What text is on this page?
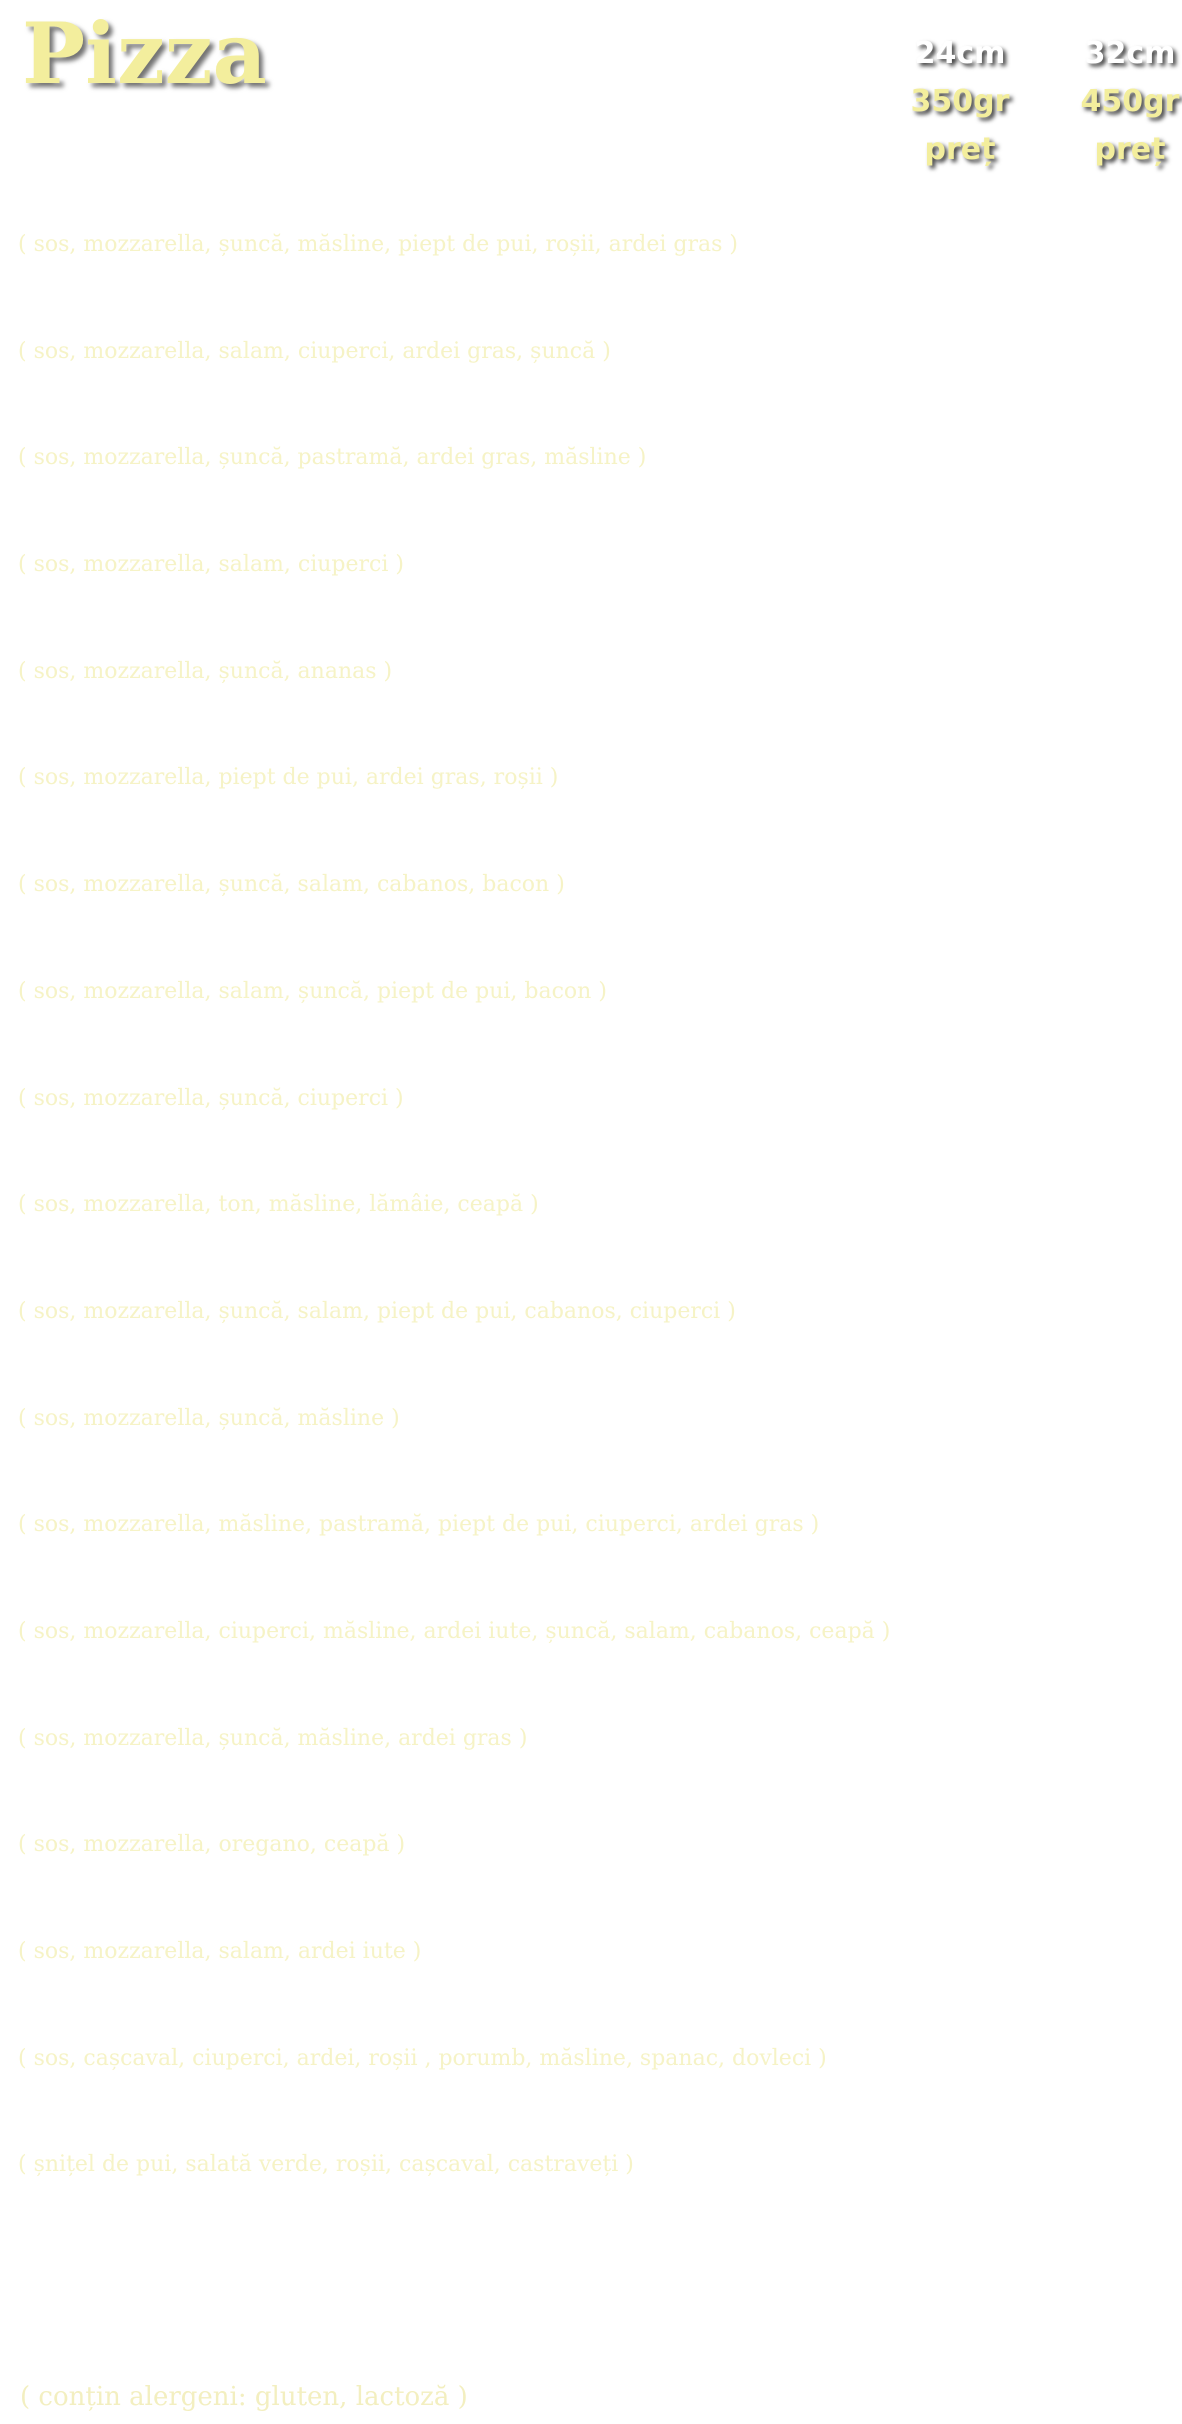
Pizza	24cm
350gr
preț
32cm
450gr
preț
( sos, mozzarella, șuncă, măsline, piept de pui, roșii, ardei gras )
( sos, mozzarella, salam, ciuperci, ardei gras, șuncă )
( sos, mozzarella, șuncă, pastramă, ardei gras, măsline )
( sos, mozzarella, salam, ciuperci )
( sos, mozzarella, șuncă, ananas )
( sos, mozzarella, piept de pui, ardei gras, roșii )
( sos, mozzarella, șuncă, salam, cabanos, bacon )
( sos, mozzarella, salam, șuncă, piept de pui, bacon )
( sos, mozzarella, șuncă, ciuperci )
( sos, mozzarella, ton, măsline, lămâie, ceapă )
( sos, mozzarella, șuncă, salam, piept de pui, cabanos, ciuperci )
( sos, mozzarella, șuncă, măsline )
( sos, mozzarella, măsline, pastramă, piept de pui, ciuperci, ardei gras )
( sos, mozzarella, ciuperci, măsline, ardei iute, șuncă, salam, cabanos, ceapă )
( sos, mozzarella, șuncă, măsline, ardei gras )
( sos, mozzarella, oregano, ceapă )
( sos, mozzarella, salam, ardei iute )
( sos, cașcaval, ciuperci, ardei, roșii , porumb, măsline, spanac, dovleci )
( șnițel de pui, salată verde, roșii, cașcaval, castraveți )
( conțin alergeni: gluten, lactoză )
